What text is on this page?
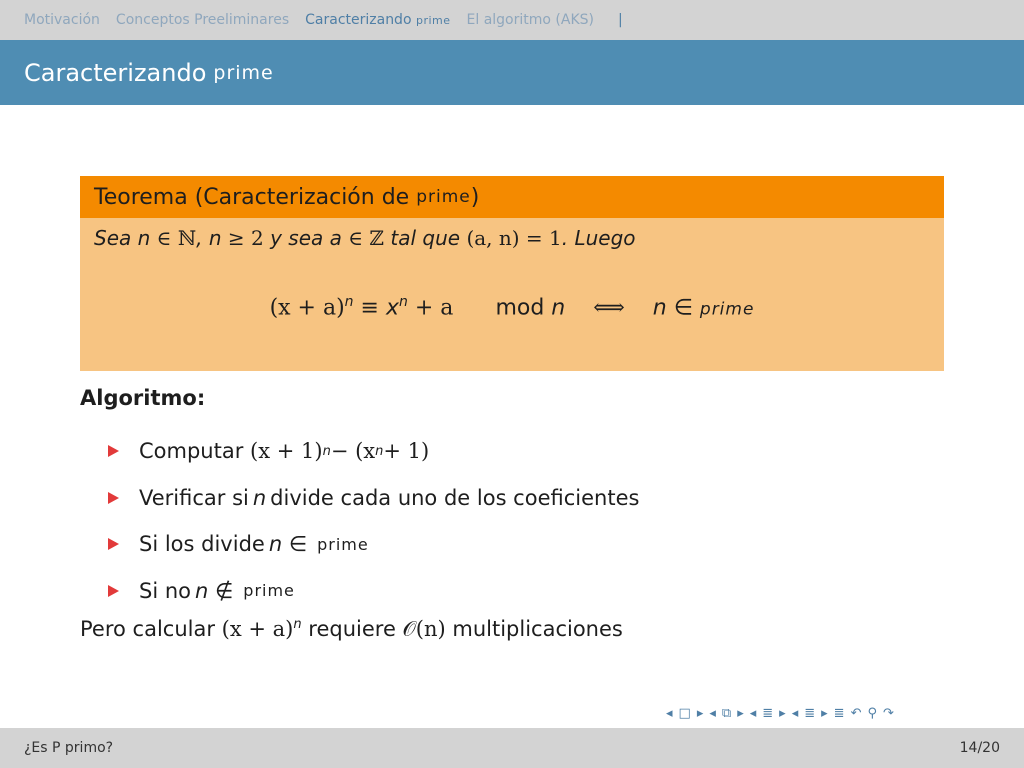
Motivación Conceptos Preeliminares Caracterizando prime El algoritmo (AKS) |
Caracterizando prime
Teorema (Caracterización de
prime )
Sea n ∈ ℕ, n ≥ 2 y sea a ∈ ℤ tal que (a, n) = 1. Luego
$(x + a)^n \equiv x^n + a$ mod n ⟺ n ∈ prime
Algoritmo:
Computar
(x + 1) n − (x n + 1)
Verificar si n divide cada uno de los coeficientes
Si los divide n ∈ prime
Si no n ∉ prime
Pero calcular $(x + a)^n$ requiere 𝒪(n) multiplicaciones
◂ □ ▸ ◂ ⧉ ▸ ◂ ≣ ▸ ◂ ≣ ▸ ≣ ↶ ⚲ ↷
¿Es P primo?	14/20
